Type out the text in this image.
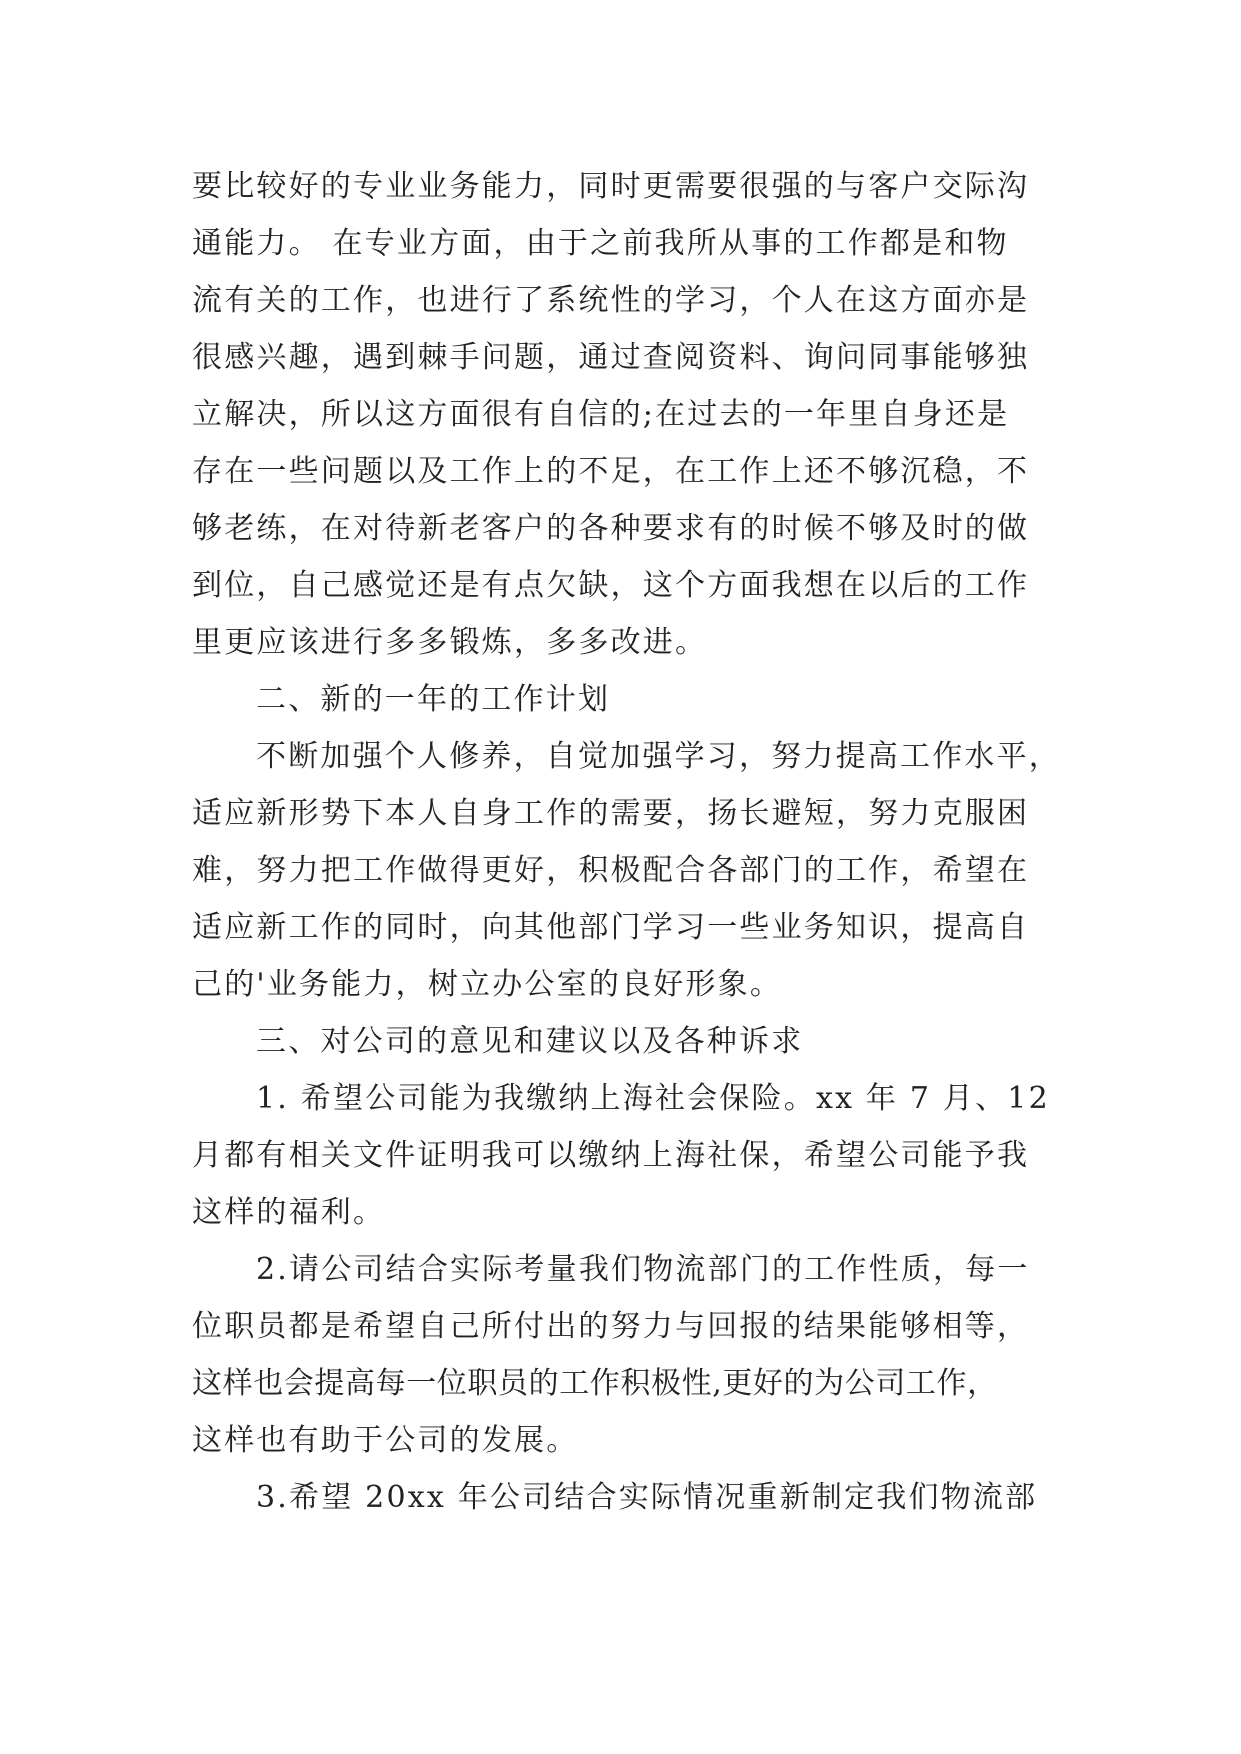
要比较好的专业业务能力，同时更需要很强的与客户交际沟
通能力。 在专业方面，由于之前我所从事的工作都是和物
流有关的工作，也进行了系统性的学习，个人在这方面亦是
很感兴趣，遇到棘手问题，通过查阅资料、询问同事能够独
立解决，所以这方面很有自信的;在过去的一年里自身还是
存在一些问题以及工作上的不足，在工作上还不够沉稳，不
够老练，在对待新老客户的各种要求有的时候不够及时的做
到位，自己感觉还是有点欠缺，这个方面我想在以后的工作
里更应该进行多多锻炼，多多改进。
二、新的一年的工作计划
不断加强个人修养，自觉加强学习，努力提高工作水平，
适应新形势下本人自身工作的需要，扬长避短，努力克服困
难，努力把工作做得更好，积极配合各部门的工作，希望在
适应新工作的同时，向其他部门学习一些业务知识，提高自
己的'业务能力，树立办公室的良好形象。
三、对公司的意见和建议以及各种诉求
1. 希望公司能为我缴纳上海社会保险。xx 年 7 月、12
月都有相关文件证明我可以缴纳上海社保，希望公司能予我
这样的福利。
2.请公司结合实际考量我们物流部门的工作性质，每一
位职员都是希望自己所付出的努力与回报的结果能够相等，
这样也会提高每一位职员的工作积极性,更好的为公司工作，
这样也有助于公司的发展。
3.希望 20xx 年公司结合实际情况重新制定我们物流部
